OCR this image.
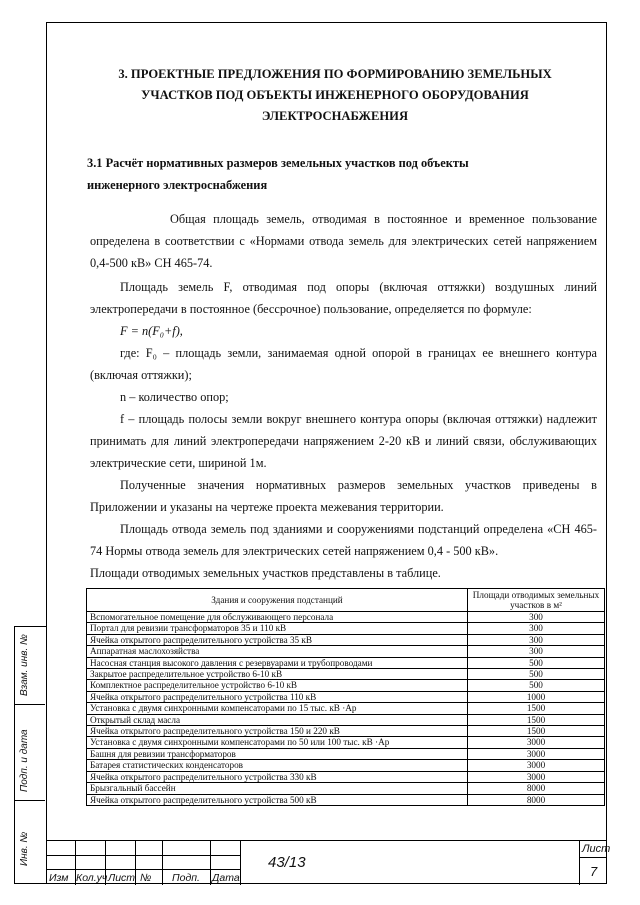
Взам. инв. №
Подп. и дата
Инв. №
3. ПРОЕКТНЫЕ ПРЕДЛОЖЕНИЯ ПО ФОРМИРОВАНИЮ ЗЕМЕЛЬНЫХ
УЧАСТКОВ ПОД ОБЪЕКТЫ ИНЖЕНЕРНОГО ОБОРУДОВАНИЯ
ЭЛЕКТРОСНАБЖЕНИЯ
3.1 Расчёт нормативных размеров земельных участков под объекты
инженерного электроснабжения
Общая площадь земель, отводимая в постоянное и временное пользование определена в соответствии с «Нормами отвода земель для электрических сетей напряжением 0,4-500 кВ» СН 465-74.
Площадь земель F, отводимая под опоры (включая оттяжки) воздушных линий электропередачи в постоянное (бессрочное) пользование, определяется по формуле:
F = n(F₀+f),
где: F₀ – площадь земли, занимаемая одной опорой в границах ее внешнего контура (включая оттяжки);
n – количество опор;
f – площадь полосы земли вокруг внешнего контура опоры (включая оттяжки) надлежит принимать для линий электропередачи напряжением 2-20 кВ и линий связи, обслуживающих электрические сети, шириной 1м.
Полученные значения нормативных размеров земельных участков приведены в Приложении и указаны на чертеже проекта межевания территории.
Площадь отвода земель под зданиями и сооружениями подстанций определена «СН 465-74 Нормы отвода земель для электрических сетей напряжением 0,4 - 500 кВ».
Площади отводимых земельных участков представлены в таблице.
Здания и сооружения подстанций	Площади отводимых земельных участков в м²
Вспомогательное помещение для обслуживающего персонала	300
Портал для ревизии трансформаторов 35 и 110 кВ	300
Ячейка открытого распределительного устройства 35 кВ	300
Аппаратная маслохозяйства	300
Насосная станция высокого давления с резервуарами и трубопроводами	500
Закрытое распределительное устройство 6-10 кВ	500
Комплектное распределительное устройство 6-10 кВ	500
Ячейка открытого распределительного устройства 110 кВ	1000
Установка с двумя синхронными компенсаторами по 15 тыс. кВ ·Ар	1500
Открытый склад масла	1500
Ячейка открытого распределительного устройства 150 и 220 кВ	1500
Установка с двумя синхронными компенсаторами по 50 или 100 тыс. кВ ·Ар	3000
Башня для ревизии трансформаторов	3000
Батарея статистических конденсаторов	3000
Ячейка открытого распределительного устройства 330 кВ	3000
Брызгальный бассейн	8000
Ячейка открытого распределительного устройства 500 кВ	8000
Изм Кол.уч Лист № Подп. Дата
43/13
Лист
7
